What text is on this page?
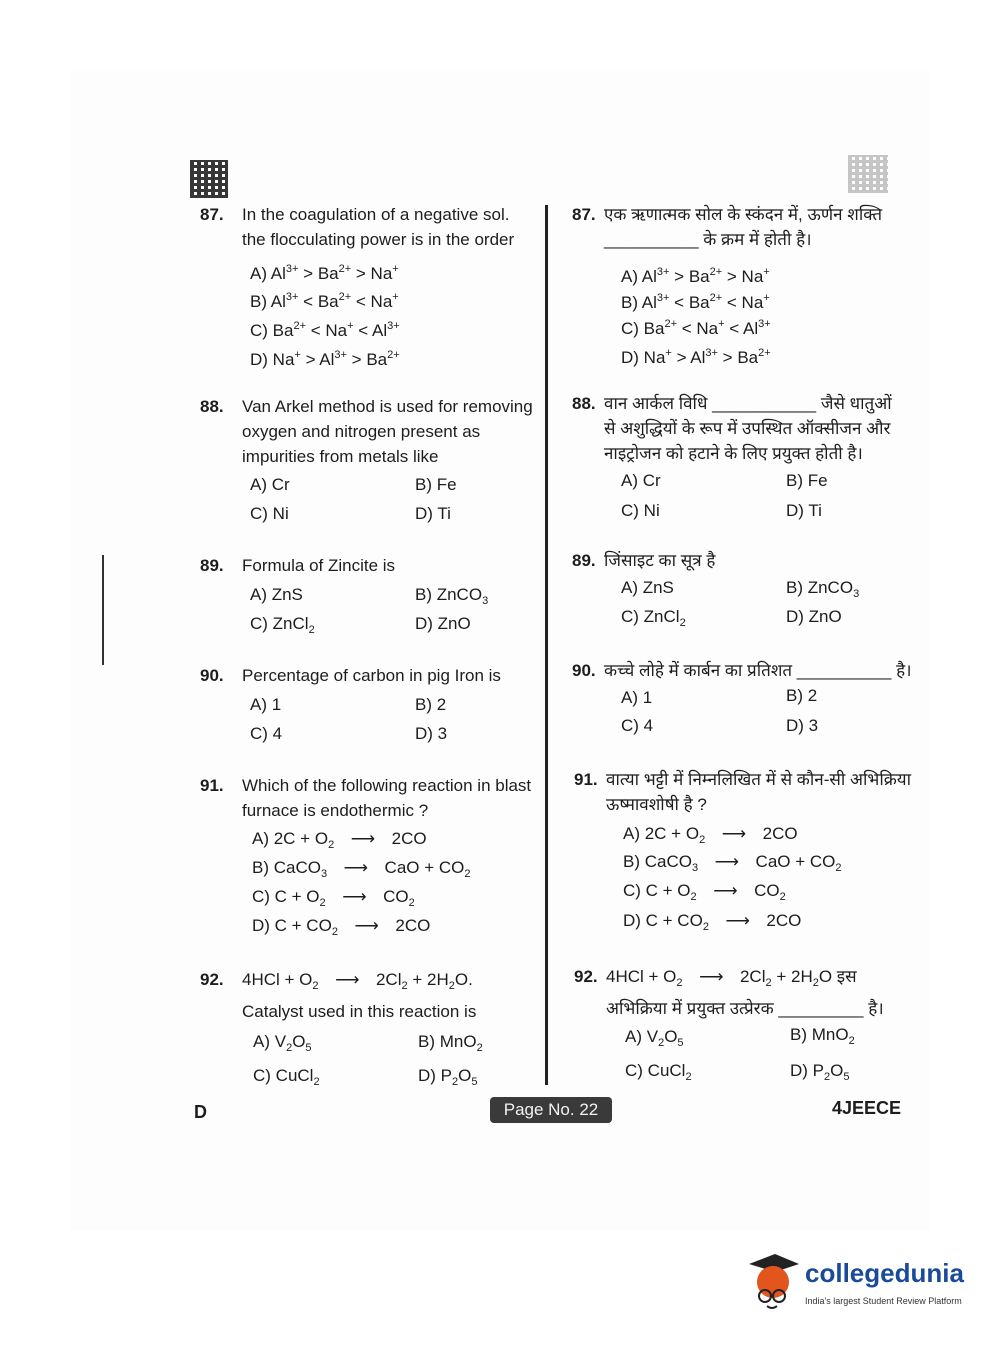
87. In the coagulation of a negative sol.
the flocculating power is in the order
A) $Al^{3+} > Ba^{2+} > Na^+$
B) $Al^{3+} < Ba^{2+} < Na^+$
C) $Ba^{2+} < Na^+ < Al^{3+}$
D) $Na^+ > Al^{3+} > Ba^{2+}$
88. Van Arkel method is used for removing
oxygen and nitrogen present as
impurities from metals like
A) Cr	B) Fe
C) Ni	D) Ti
89. Formula of Zincite is
A) ZnS	B) ZnCO$_3$
C) ZnCl$_2$	D) ZnO
90. Percentage of carbon in pig Iron is
A) 1	B) 2
C) 4	D) 3
91. Which of the following reaction in blast
furnace is endothermic ?
A) $2C + O_2$ ⟶ 2CO
B) CaCO$_3$ ⟶ CaO + $CO_2$
C) $C + O_2$ ⟶ $CO_2$
D) $C + CO_2$ ⟶ 2CO
92. $4HCl + O_2$ ⟶ $2Cl_2 + 2H_2O$.
Catalyst used in this reaction is
A) $V_2O_5$	B) MnO$_2$
C) CuCl$_2$	D) $P_2O_5$
87. एक ऋणात्मक सोल के स्कंदन में, ऊर्णन शक्ति
__________ के क्रम में होती है।
A) $Al^{3+} > Ba^{2+} > Na^+$
B) $Al^{3+} < Ba^{2+} < Na^+$
C) $Ba^{2+} < Na^+ < Al^{3+}$
D) $Na^+ > Al^{3+} > Ba^{2+}$
88. वान आर्कल विधि ___________ जैसे धातुओं
से अशुद्धियों के रूप में उपस्थित ऑक्सीजन और
नाइट्रोजन को हटाने के लिए प्रयुक्त होती है।
A) Cr	B) Fe
C) Ni	D) Ti
89. जिंसाइट का सूत्र है
A) ZnS	B) ZnCO$_3$
C) ZnCl$_2$	D) ZnO
90. कच्चे लोहे में कार्बन का प्रतिशत __________ है।
A) 1	B) 2
C) 4	D) 3
91. वात्या भट्टी में निम्नलिखित में से कौन-सी अभिक्रिया
ऊष्मावशोषी है ?
A) $2C + O_2$ ⟶ 2CO
B) CaCO$_3$ ⟶ CaO + $CO_2$
C) $C + O_2$ ⟶ $CO_2$
D) $C + CO_2$ ⟶ 2CO
92. $4HCl + O_2$ ⟶ $2Cl_2 + 2H_2O$ इस
अभिक्रिया में प्रयुक्त उत्प्रेरक _________ है।
A) $V_2O_5$	B) MnO$_2$
C) CuCl$_2$	D) $P_2O_5$
D	Page No. 22	4JEECE
collegedunia
India's largest Student Review Platform
